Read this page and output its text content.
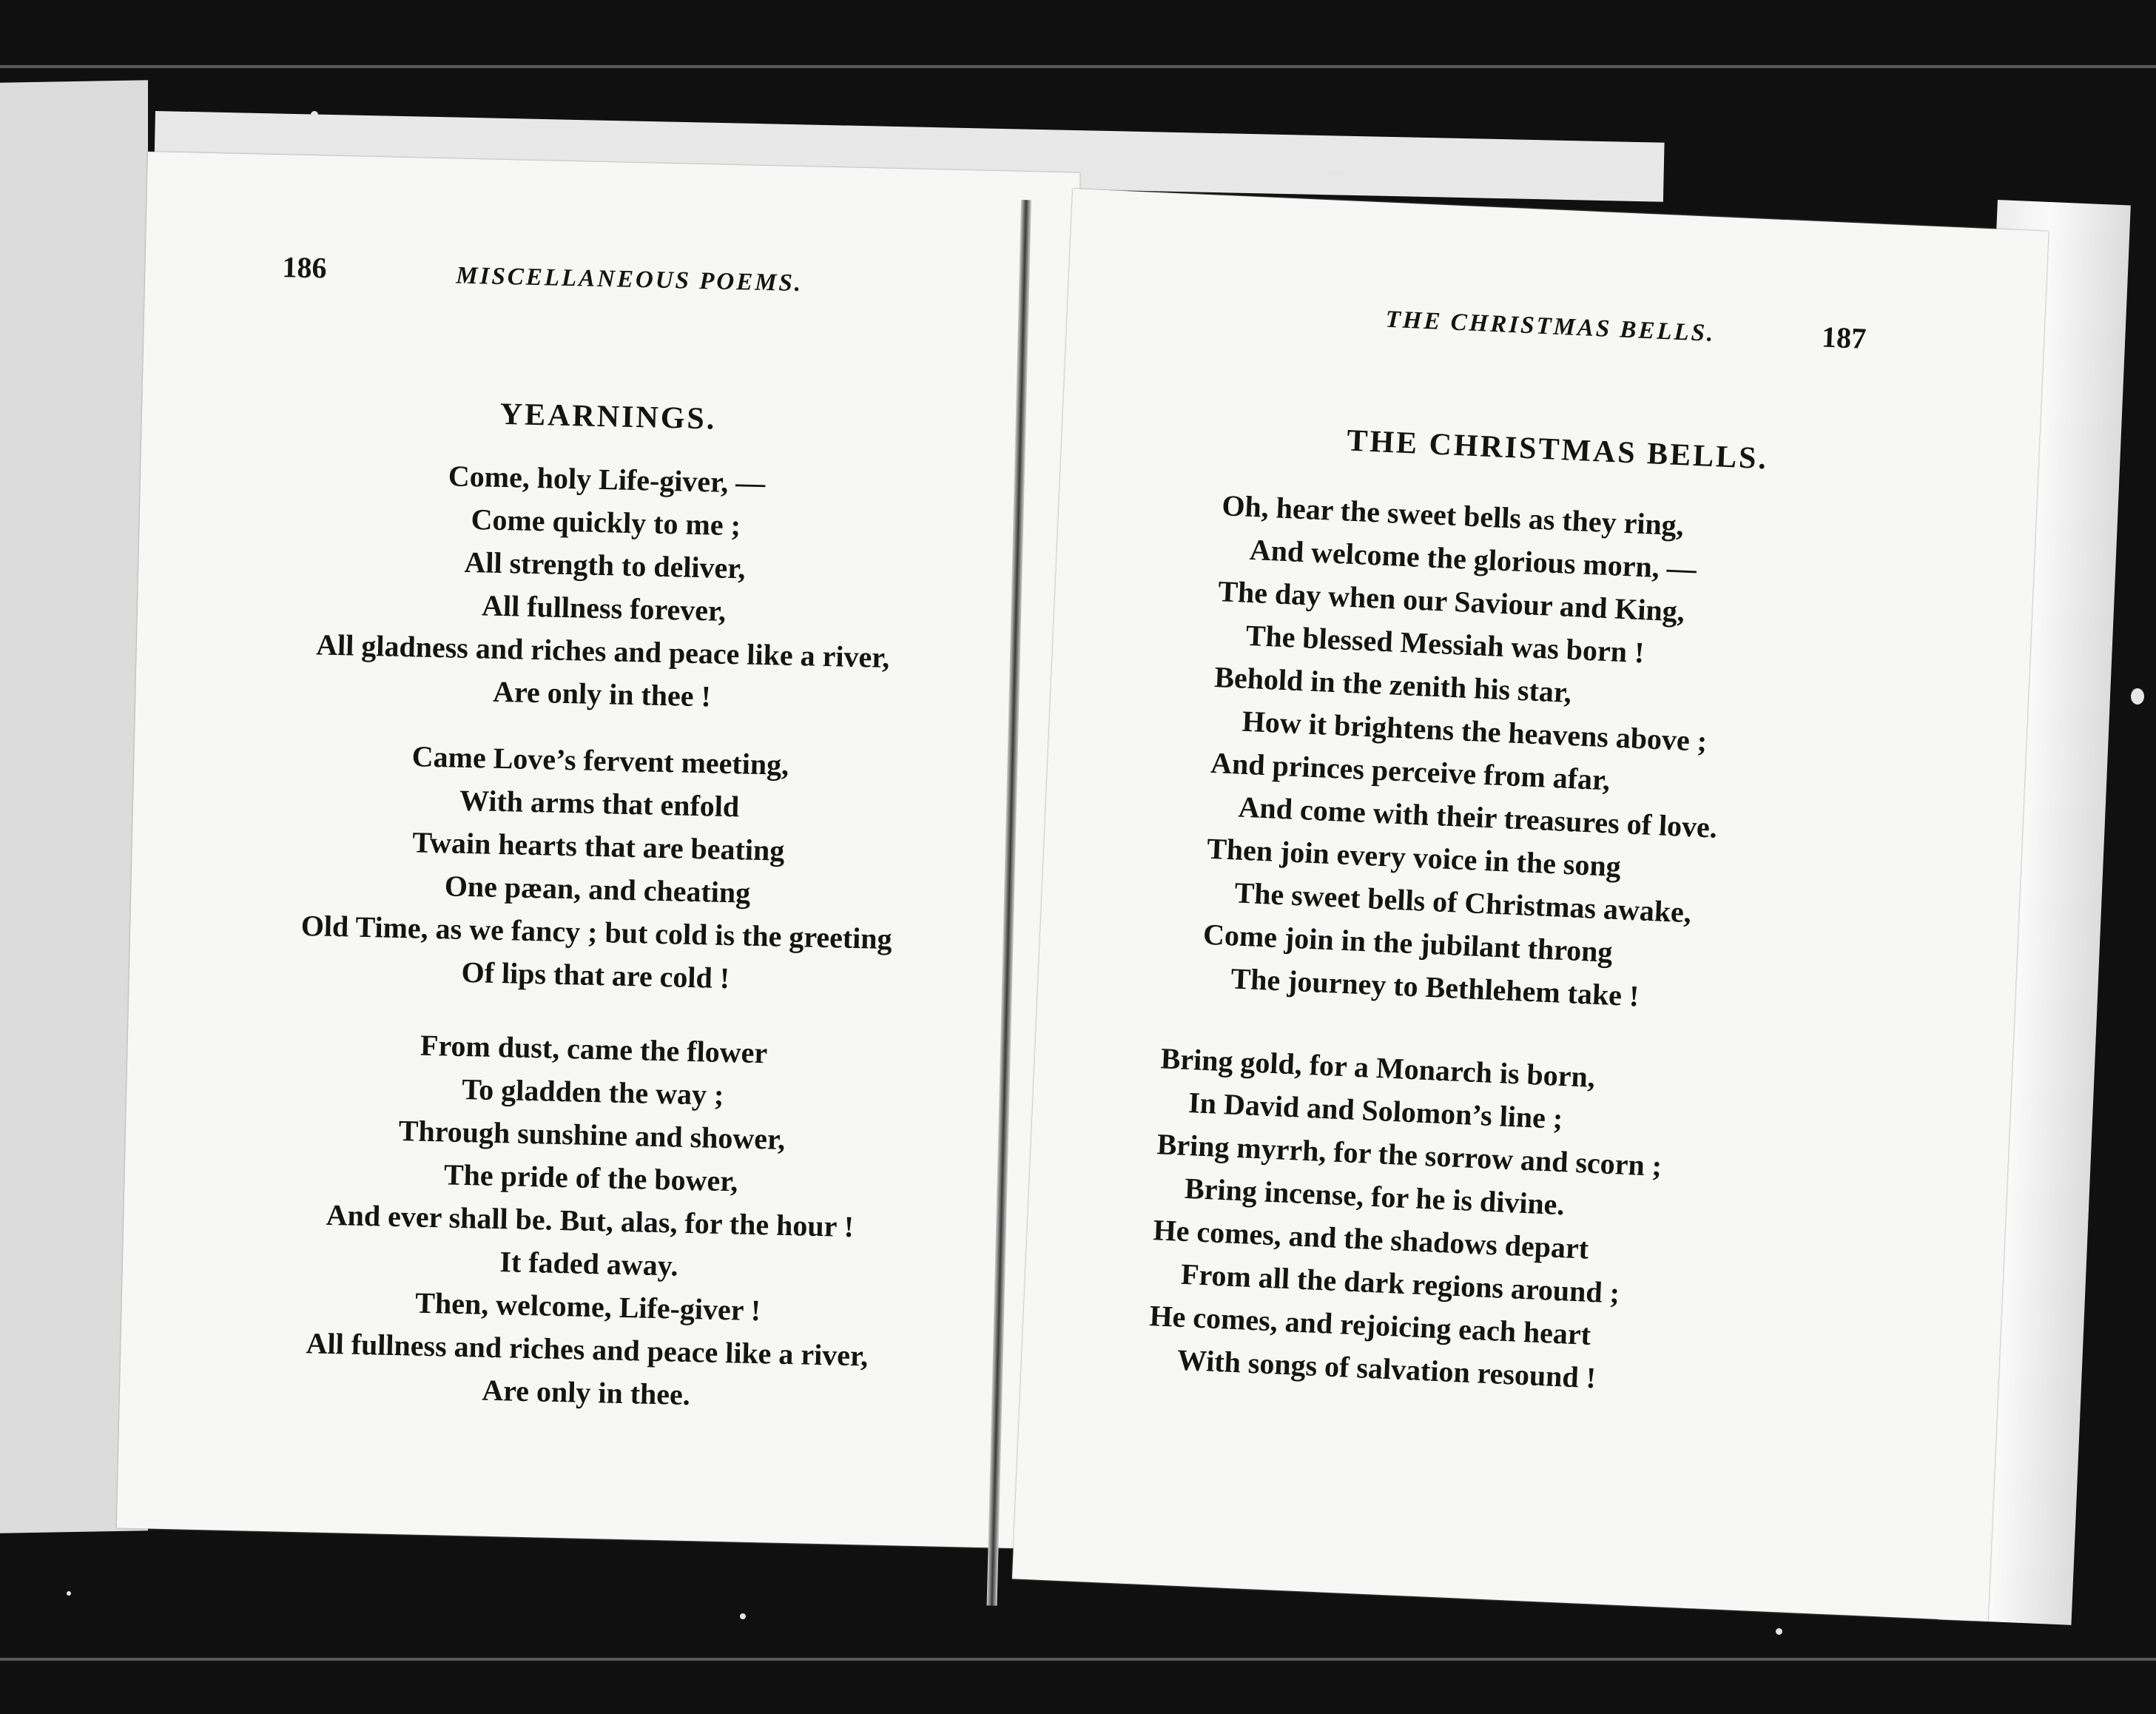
186	MISCELLANEOUS POEMS.
YEARNINGS.
Come, holy Life-giver, —
Come quickly to me ;
All strength to deliver,
All fullness forever,
All gladness and riches and peace like a river,
Are only in thee !
Came Love’s fervent meeting,
With arms that enfold
Twain hearts that are beating
One pæan, and cheating
Old Time, as we fancy ; but cold is the greeting
Of lips that are cold !
From dust, came the flower
To gladden the way ;
Through sunshine and shower,
The pride of the bower,
And ever shall be. But, alas, for the hour !
It faded away.
Then, welcome, Life-giver !
All fullness and riches and peace like a river,
Are only in thee.
THE CHRISTMAS BELLS.	187
THE CHRISTMAS BELLS.
Oh, hear the sweet bells as they ring,
And welcome the glorious morn, —
The day when our Saviour and King,
The blessed Messiah was born !
Behold in the zenith his star,
How it brightens the heavens above ;
And princes perceive from afar,
And come with their treasures of love.
Then join every voice in the song
The sweet bells of Christmas awake,
Come join in the jubilant throng
The journey to Bethlehem take !
Bring gold, for a Monarch is born,
In David and Solomon’s line ;
Bring myrrh, for the sorrow and scorn ;
Bring incense, for he is divine.
He comes, and the shadows depart
From all the dark regions around ;
He comes, and rejoicing each heart
With songs of salvation resound !
